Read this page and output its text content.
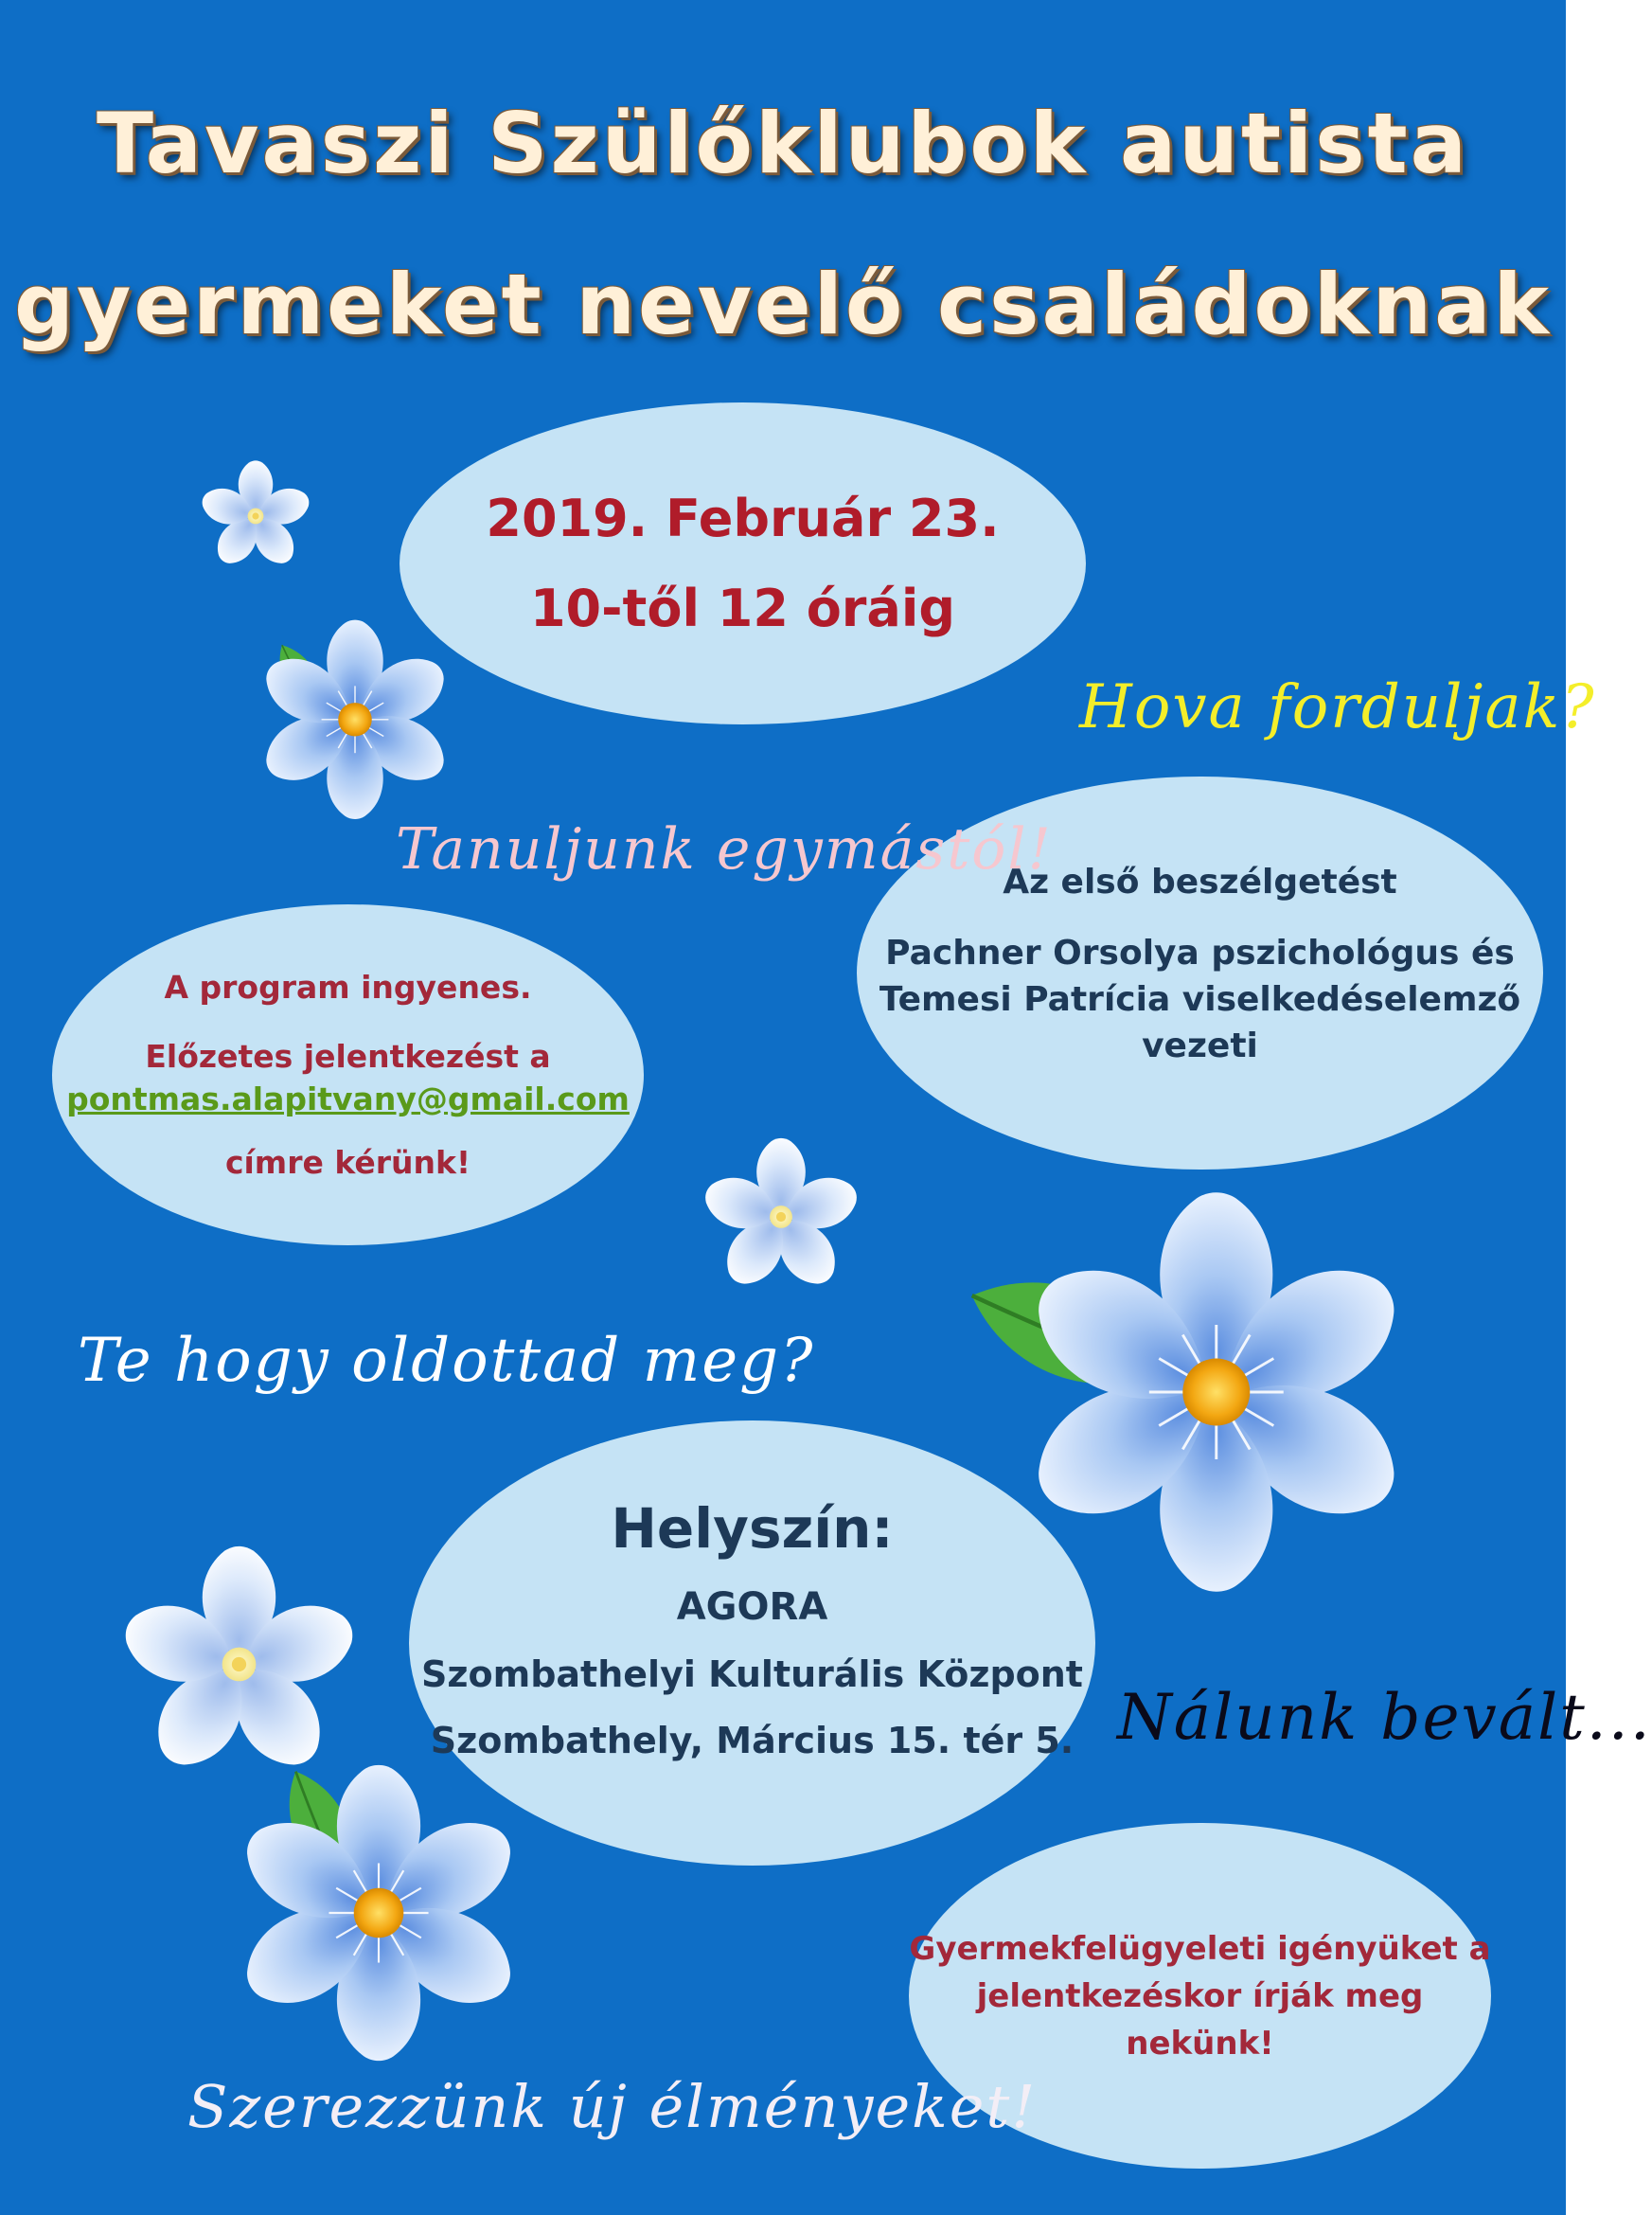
Tavaszi Szülőklubok autista
gyermeket nevelő családoknak

2019. Február 23.

10-től 12 óráig

Az első beszélgetést

Pachner Orsolya pszichológus és

Temesi Patrícia viselkedéselemző

vezeti

A program ingyenes.

Előzetes jelentkezést a

pontmas.alapitvany@gmail.com

címre kérünk!

Helyszín:

AGORA

Szombathelyi Kulturális Központ

Szombathely, Március 15. tér 5.

Gyermekfelügyeleti igényüket a

jelentkezéskor írják meg

nekünk!

Hova forduljak?

Tanuljunk egymástól!

Te hogy oldottad meg?

Nálunk bevált...

Szerezzünk új élményeket!
